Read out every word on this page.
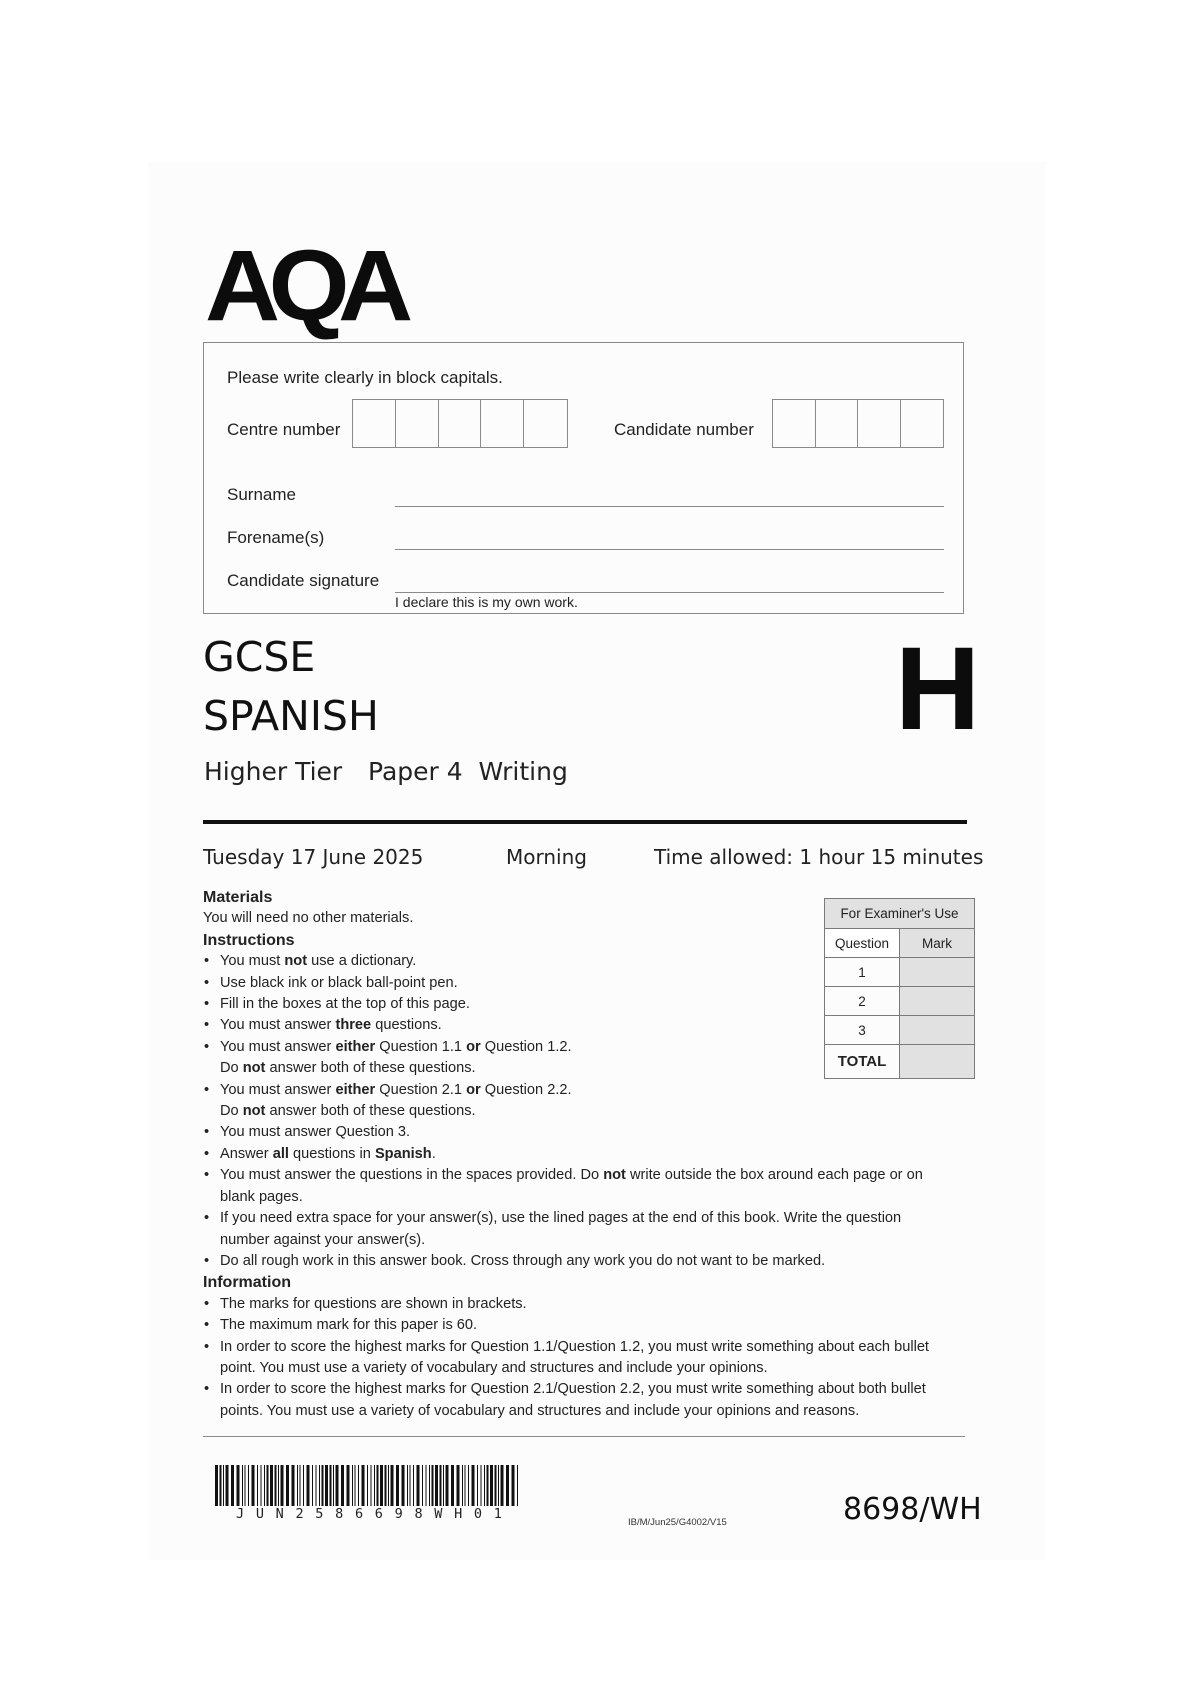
AQA
Please write clearly in block capitals.
Centre number	Candidate number
Surname
Forename(s)
Candidate signature
I declare this is my own work.
GCSE
SPANISH
Higher Tier Paper 4  Writing
H
Tuesday 17 June 2025	Morning	Time allowed: 1 hour 15 minutes
Materials

You will need no other materials.

Instructions
• You must not use a dictionary.
• Use black ink or black ball-point pen.
• Fill in the boxes at the top of this page.
• You must answer three questions.
• You must answer either Question 1.1 or Question 1.2.
Do not answer both of these questions.
• You must answer either Question 2.1 or Question 2.2.
Do not answer both of these questions.
• You must answer Question 3.
• Answer all questions in Spanish.
• You must answer the questions in the spaces provided. Do not write outside the box around each page or on
blank pages.
• If you need extra space for your answer(s), use the lined pages at the end of this book. Write the question
number against your answer(s).
• Do all rough work in this answer book. Cross through any work you do not want to be marked.
Information
• The marks for questions are shown in brackets.
• The maximum mark for this paper is 60.
• In order to score the highest marks for Question 1.1/Question 1.2, you must write something about each bullet
point. You must use a variety of vocabulary and structures and include your opinions.
• In order to score the highest marks for Question 2.1/Question 2.2, you must write something about both bullet
points. You must use a variety of vocabulary and structures and include your opinions and reasons.
For Examiner's Use	
Question	Mark
1	
2	
3	
TOTAL	
JUN2586698WH01
IB/M/Jun25/G4002/V15	8698/WH
